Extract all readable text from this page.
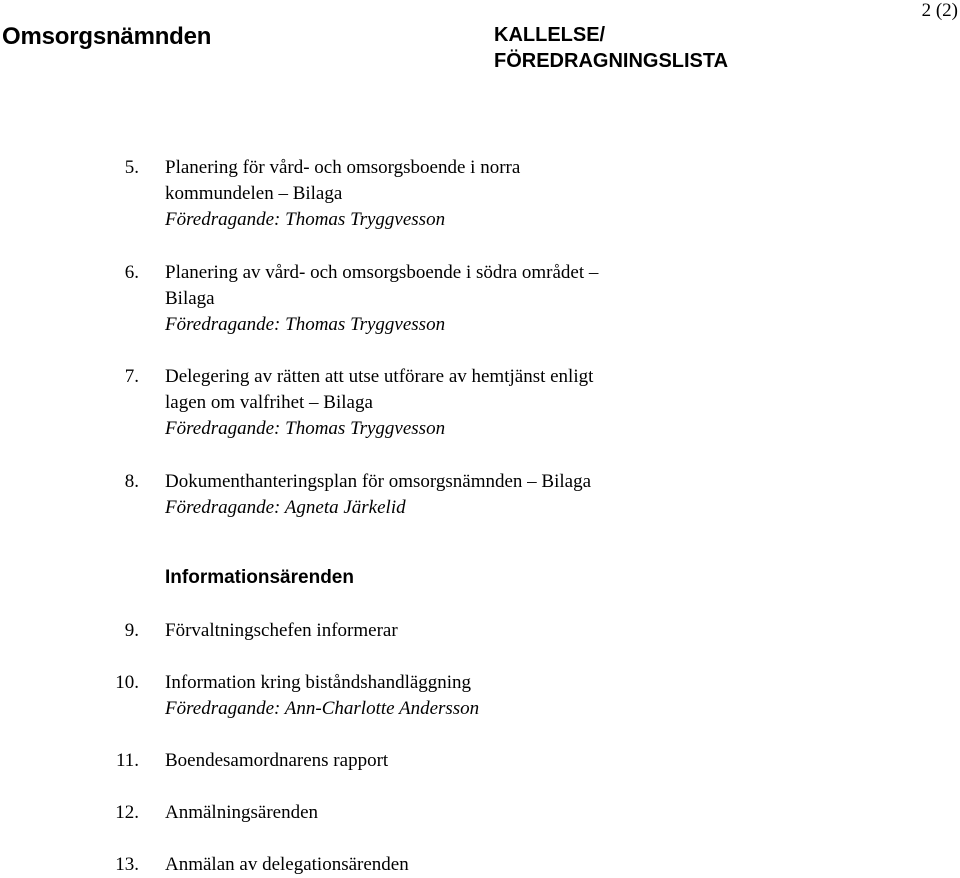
2 (2)
Omsorgsnämnden	KALLELSE/
FÖREDRAGNINGSLISTA
5. Planering för vård- och omsorgsboende i norra
kommundelen – Bilaga
Föredragande: Thomas Tryggvesson
6. Planering av vård- och omsorgsboende i södra området –
Bilaga
Föredragande: Thomas Tryggvesson
7. Delegering av rätten att utse utförare av hemtjänst enligt
lagen om valfrihet – Bilaga
Föredragande: Thomas Tryggvesson
8. Dokumenthanteringsplan för omsorgsnämnden – Bilaga
Föredragande: Agneta Järkelid
Informationsärenden
9. Förvaltningschefen informerar
10. Information kring biståndshandläggning
Föredragande: Ann-Charlotte Andersson
11. Boendesamordnarens rapport
12. Anmälningsärenden
13. Anmälan av delegationsärenden
